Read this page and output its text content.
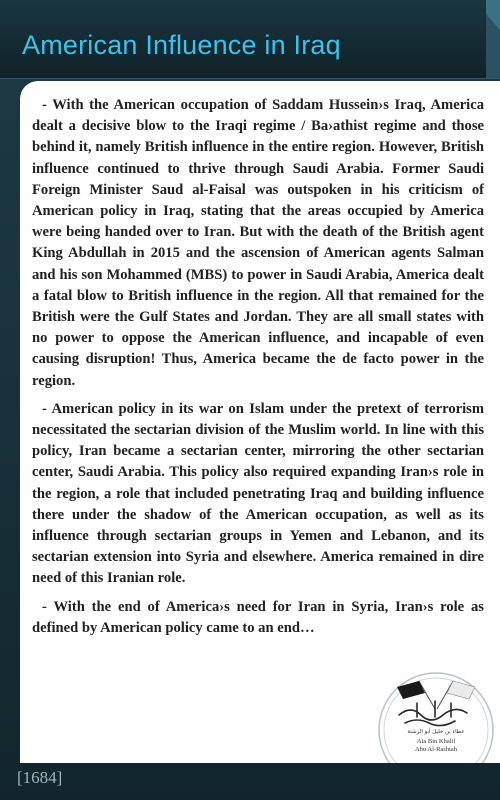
American Influence in Iraq

- With the American occupation of Saddam Hussein›s Iraq, America dealt a decisive blow to the Iraqi regime / Ba›athist regime and those behind it, namely British influence in the entire region. However, British influence continued to thrive through Saudi Arabia. Former Saudi Foreign Minister Saud al-Faisal was outspoken in his criticism of American policy in Iraq, stating that the areas occupied by America were being handed over to Iran. But with the death of the British agent King Abdullah in 2015 and the ascension of American agents Salman and his son Mohammed (MBS) to power in Saudi Arabia, America dealt a fatal blow to British influence in the region. All that remained for the British were the Gulf States and Jordan. They are all small states with no power to oppose the American influence, and incapable of even causing disruption! Thus, America became the de facto power in the region.

- American policy in its war on Islam under the pretext of terrorism necessitated the sectarian division of the Muslim world. In line with this policy, Iran became a sectarian center, mirroring the other sectarian center, Saudi Arabia. This policy also required expanding Iran›s role in the region, a role that included penetrating Iraq and building influence there under the shadow of the American occupation, as well as its influence through sectarian groups in Yemen and Lebanon, and its sectarian extension into Syria and elsewhere. America remained in dire need of this Iranian role.

- With the end of America›s need for Iran in Syria, Iran›s role as defined by American policy came to an end…

عطاء بن خليل أبو الرشتة
Ata Bin Khalil
Abu Al-Rashtah
Ameer of Hizb ut Tahrir
[1684]
